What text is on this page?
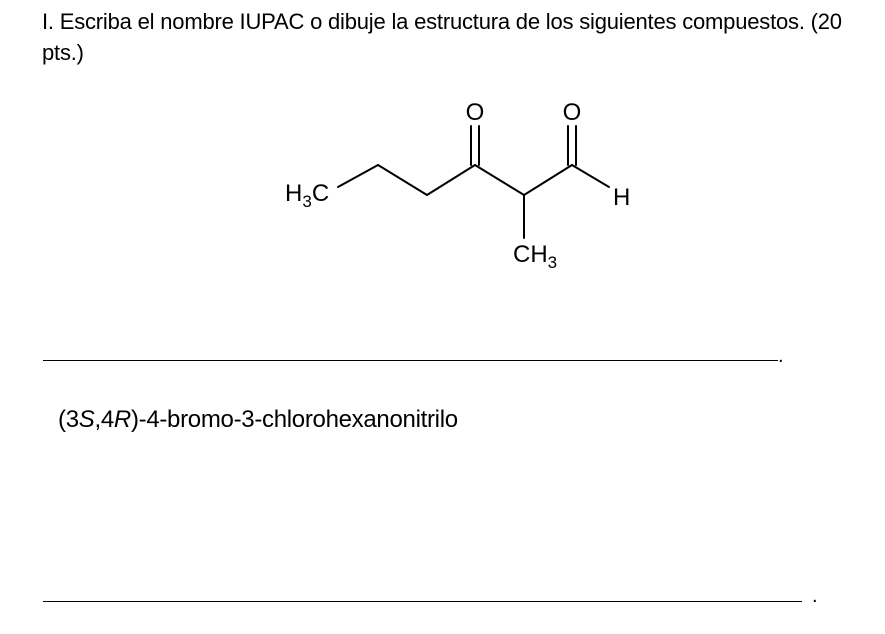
I. Escriba el nombre IUPAC o dibuje la estructura de los siguientes compuestos. (20 pts.)
$H_3C$
O	O
H
$CH_3$
.
(3S,4R)-4-bromo-3-chlorohexanonitrilo
.
